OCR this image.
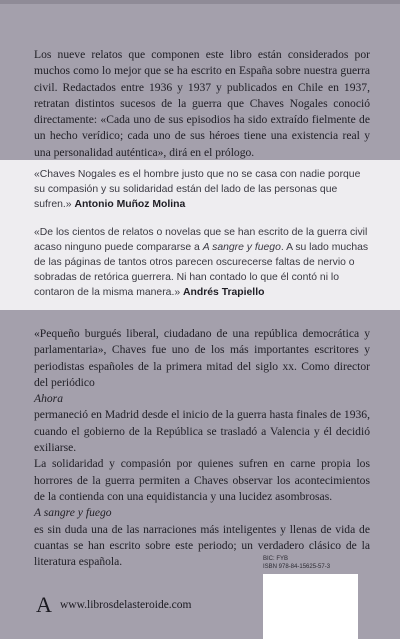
Los nueve relatos que componen este libro están considerados por muchos como lo mejor que se ha escrito en España sobre nuestra guerra civil. Redactados entre 1936 y 1937 y publicados en Chile en 1937, retratan distintos sucesos de la guerra que Chaves Nogales conoció directamente: «Cada uno de sus episodios ha sido extraído fielmente de un hecho verídico; cada uno de sus héroes tiene una existencia real y una personalidad auténtica», dirá en el prólogo.

«Chaves Nogales es el hombre justo que no se casa con nadie porque su compasión y su solidaridad están del lado de las personas que sufren.» Antonio Muñoz Molina

«De los cientos de relatos o novelas que se han escrito de la guerra civil acaso ninguno puede compararse a A sangre y fuego. A su lado muchas de las páginas de tantos otros parecen oscurecerse faltas de nervio o sobradas de retórica guerrera. Ni han contado lo que él contó ni lo contaron de la misma manera.» Andrés Trapiello

«Pequeño burgués liberal, ciudadano de una república democrática y parlamentaria», Chaves fue uno de los más importantes escritores y periodistas españoles de la primera mitad del siglo xx. Como director del periódico
Ahora
permaneció en Madrid desde el inicio de la guerra hasta finales de 1936, cuando el gobierno de la República se trasladó a Valencia y él decidió exiliarse.
La solidaridad y compasión por quienes sufren en carne propia los horrores de la guerra permiten a Chaves observar los acontecimientos de la contienda con una equidistancia y una lucidez asombrosas.
A sangre y fuego
es sin duda una de las narraciones más inteligentes y llenas de vida de cuantas se han escrito sobre este periodo; un verdadero clásico de la literatura española.	BIC: FYB
ISBN 978-84-15625-57-3
A www.librosdelasteroide.com
